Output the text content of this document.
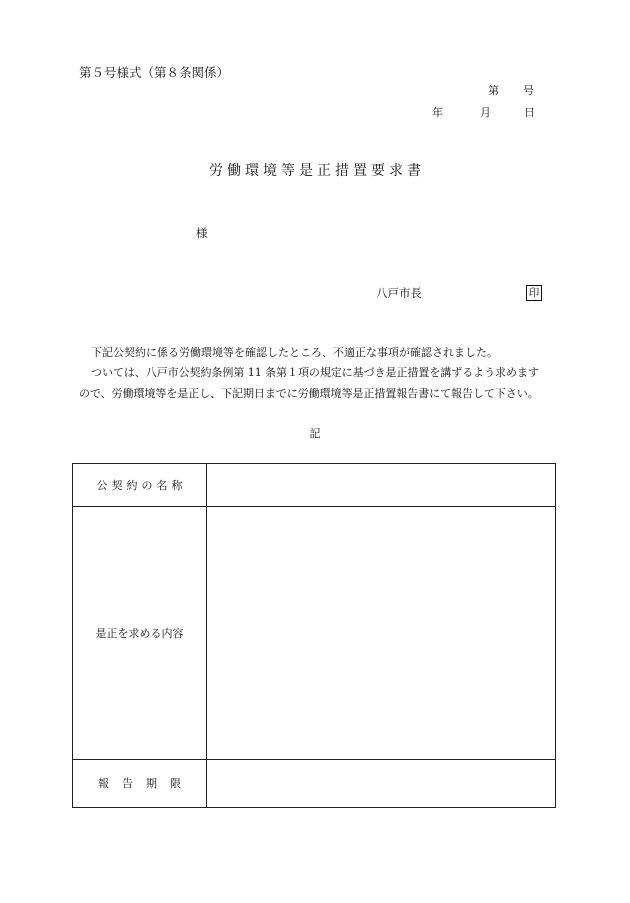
第５号様式（第８条関係）
第 号
年	月	日
労働環境等是正措置要求書
様
八戸市長	印
下記公契約に係る労働環境等を確認したところ、不適正な事項が確認されました。
ついては、八戸市公契約条例第 11 条第１項の規定に基づき是正措置を講ずるよう求めます
ので、労働環境等を是正し、下記期日までに労働環境等是正措置報告書にて報告して下さい。
記
公契約の名称
是正を求める内容
報告期限
